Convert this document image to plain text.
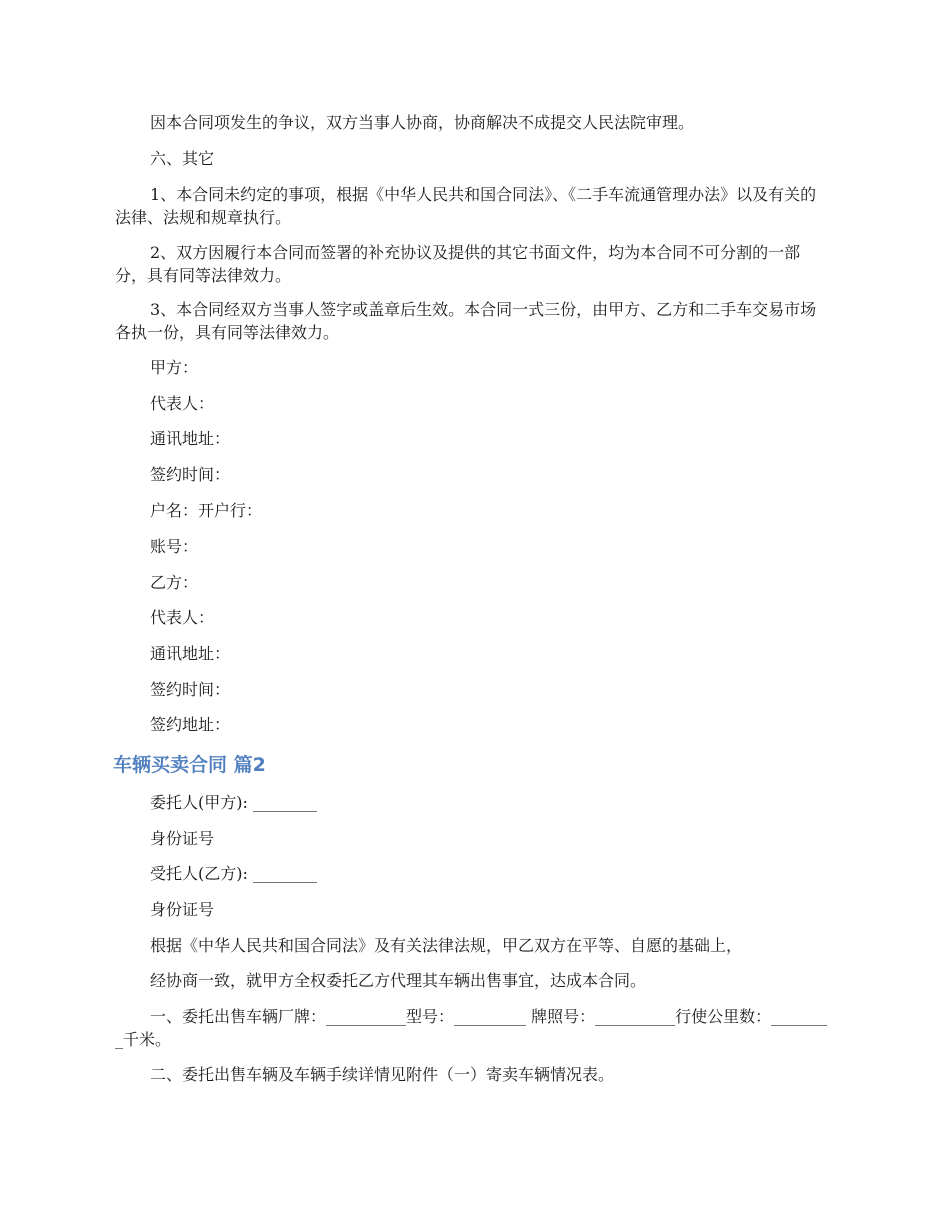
因本合同项发生的争议，双方当事人协商，协商解决不成提交人民法院审理。

六、其它

1、本合同未约定的事项，根据《中华人民共和国合同法》、《二手车流通管理办法》以及有关的法律、法规和规章执行。

2、双方因履行本合同而签署的补充协议及提供的其它书面文件，均为本合同不可分割的一部分，具有同等法律效力。

3、本合同经双方当事人签字或盖章后生效。本合同一式三份，由甲方、乙方和二手车交易市场各执一份，具有同等法律效力。

甲方：

代表人：

通讯地址：

签约时间：

户名：开户行：

账号：

乙方：

代表人：

通讯地址：

签约时间：

签约地址：

车辆买卖合同 篇2

委托人(甲方): ________

身份证号

受托人(乙方): ________

身份证号

根据《中华人民共和国合同法》及有关法律法规，甲乙双方在平等、自愿的基础上，

经协商一致，就甲方全权委托乙方代理其车辆出售事宜，达成本合同。

一、委托出售车辆厂牌：__________型号：_________ 牌照号：__________行使公里数：________千米。

二、委托出售车辆及车辆手续详情见附件（一）寄卖车辆情况表。
